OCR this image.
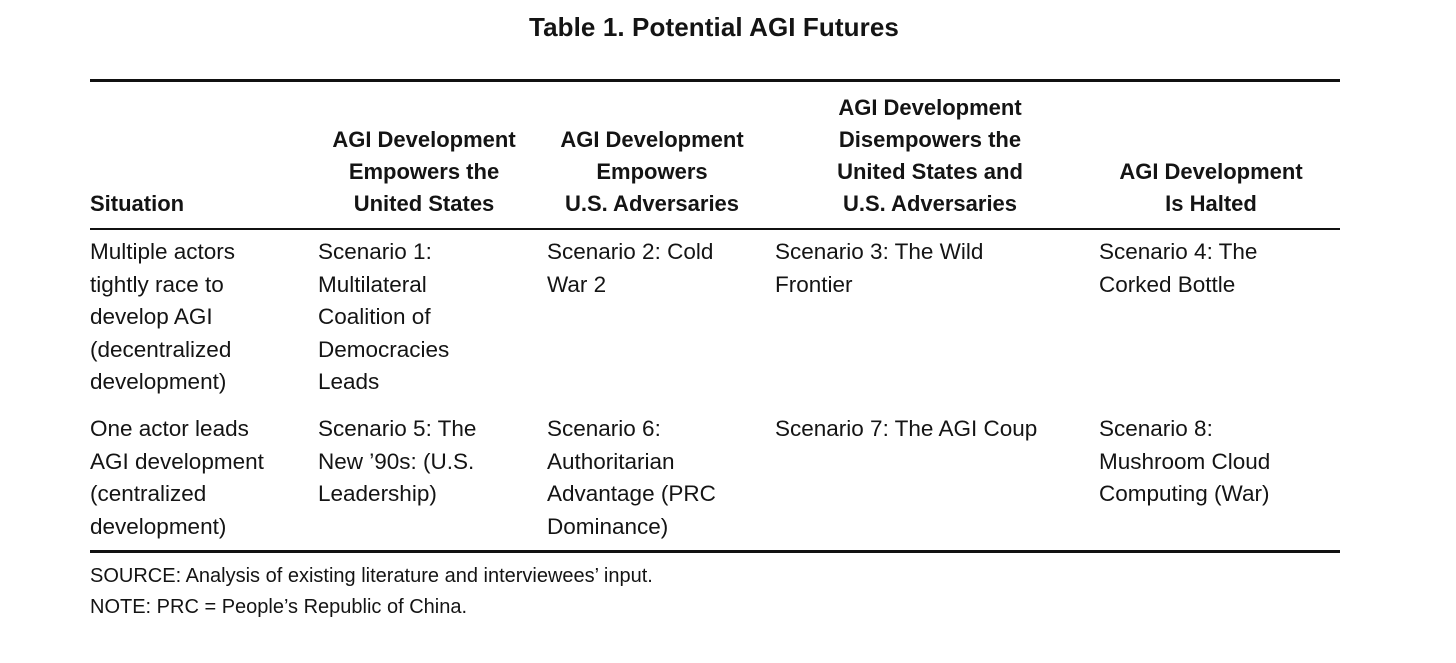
Table 1. Potential AGI Futures
Situation
AGI Development
Empowers the
United States
AGI Development
Empowers
U.S. Adversaries
AGI Development
Disempowers the
United States and
U.S. Adversaries
AGI Development
Is Halted
Multiple actors
tightly race to
develop AGI
(decentralized
development)
Scenario 1:
Multilateral
Coalition of
Democracies
Leads
Scenario 2: Cold
War 2
Scenario 3: The Wild
Frontier
Scenario 4: The
Corked Bottle
One actor leads
AGI development
(centralized
development)
Scenario 5: The
New ’90s: (U.S.
Leadership)
Scenario 6:
Authoritarian
Advantage (PRC
Dominance)
Scenario 7: The AGI Coup	Scenario 8:
Mushroom Cloud
Computing (War)
SOURCE: Analysis of existing literature and interviewees’ input.
NOTE: PRC = People’s Republic of China.
